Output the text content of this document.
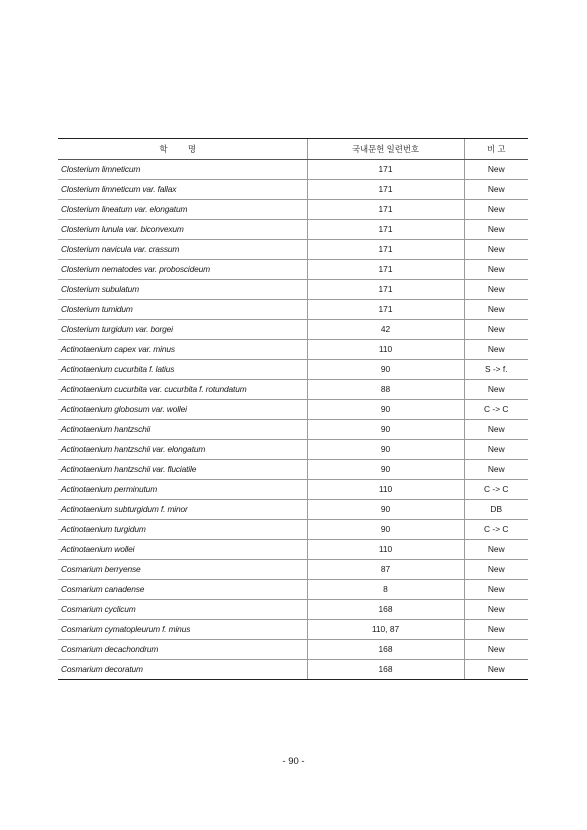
학 명	국내문헌 일련번호	비 고
Closterium limneticum	171	New
Closterium limneticum var. fallax	171	New
Closterium lineatum var. elongatum	171	New
Closterium lunula var. biconvexum	171	New
Closterium navicula var. crassum	171	New
Closterium nematodes var. proboscideum	171	New
Closterium subulatum	171	New
Closterium tumidum	171	New
Closterium turgidum var. borgei	42	New
Actinotaenium capex var. minus	110	New
Actinotaenium cucurbita f. latius	90	S -> f.
Actinotaenium cucurbita var. cucurbita f. rotundatum	88	New
Actinotaenium globosum var. wollei	90	C -> C
Actinotaenium hantzschii	90	New
Actinotaenium hantzschii var. elongatum	90	New
Actinotaenium hantzschii var. fluciatile	90	New
Actinotaenium perminutum	110	C -> C
Actinotaenium subturgidum f. minor	90	DB
Actinotaenium turgidum	90	C -> C
Actinotaenium wollei	110	New
Cosmarium berryense	87	New
Cosmarium canadense	8	New
Cosmarium cyclicum	168	New
Cosmarium cymatopleurum f. minus	110, 87	New
Cosmarium decachondrum	168	New
Cosmarium decoratum	168	New
- 90 -
